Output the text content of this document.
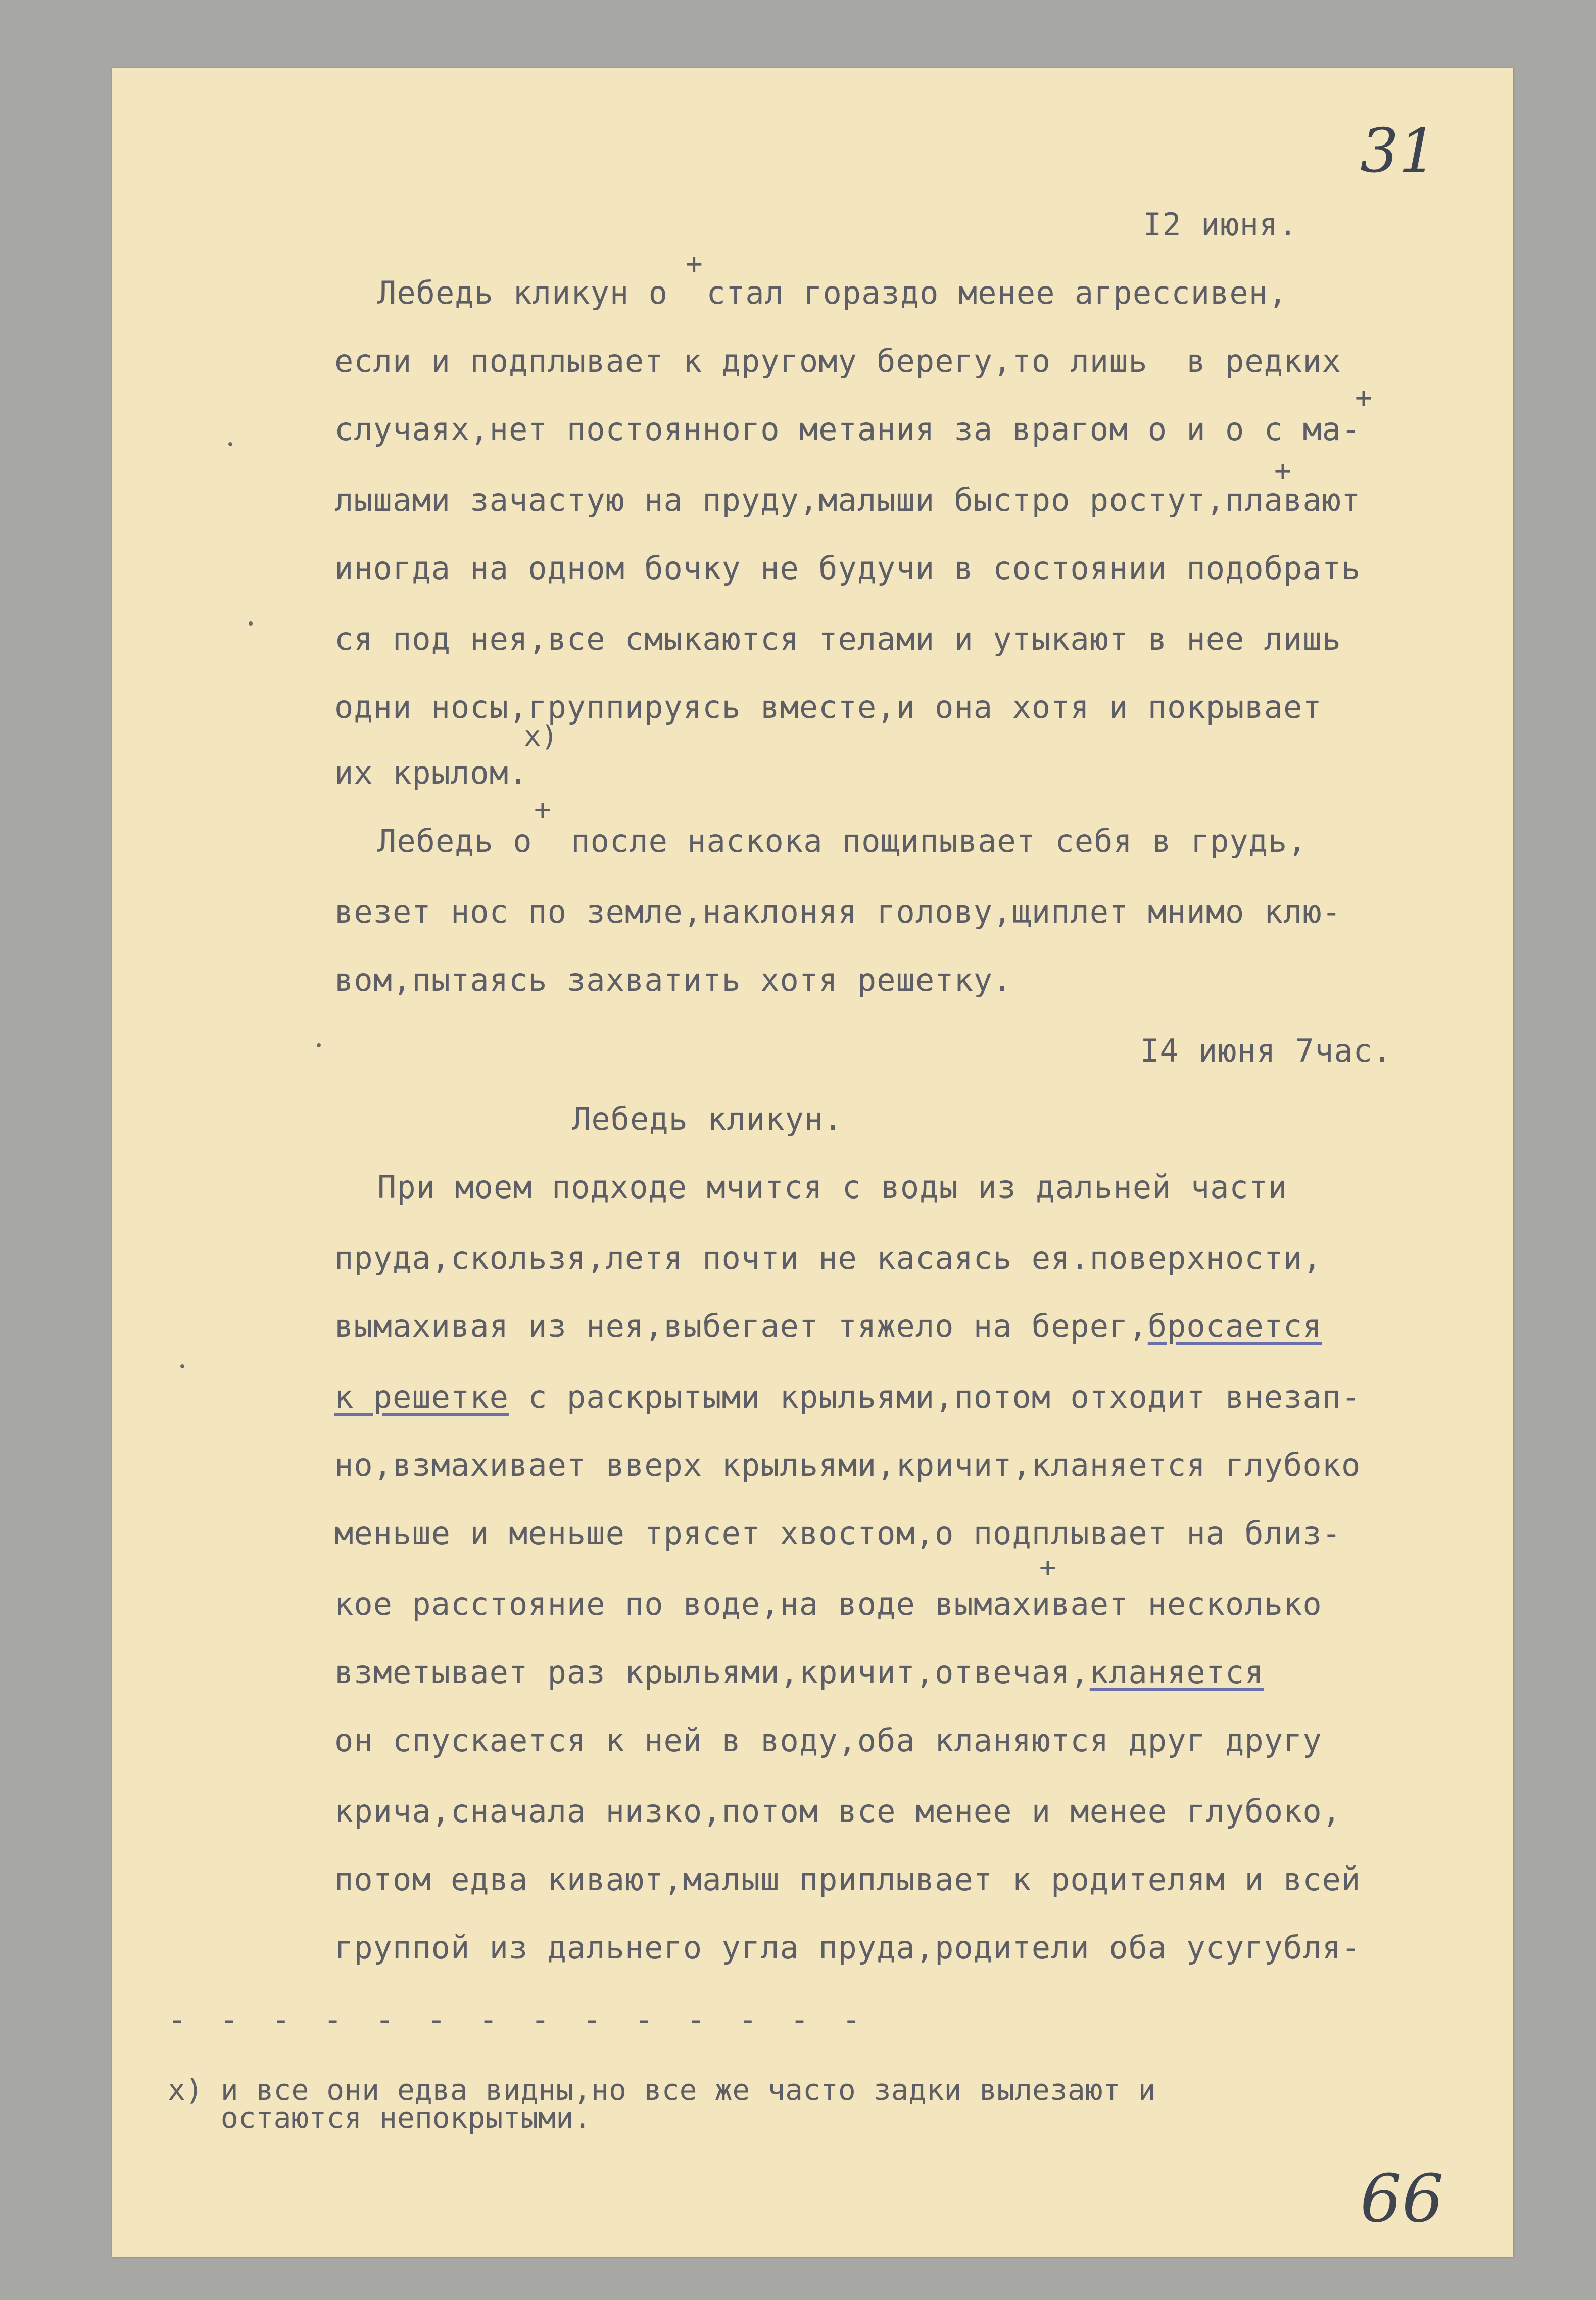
31
I2 июня.
+
Лебедь кликун о  стал гораздо менее агрессивен,
если и подплывает к другому берегу,то лишь  в редких
+
случаях,нет постоянного метания за врагом о и о с ма-
+
лышами зачастую на пруду,малыши быстро ростут,плавают
иногда на одном бочку не будучи в состоянии подобрать
ся под нея,все смыкаются телами и утыкают в нее лишь
одни носы,группируясь вместе,и она хотя и покрывает
х)
их крылом.
+
Лебедь о  после наскока пощипывает себя в грудь,
везет нос по земле,наклоняя голову,щиплет мнимо клю-
вом,пытаясь захватить хотя решетку.
I4 июня 7час.
Лебедь кликун.
При моем подходе мчится с воды из дальней части
пруда,скользя,летя почти не касаясь ея.поверхности,
вымахивая из нея,выбегает тяжело на берег,бросается
к решетке с раскрытыми крыльями,потом отходит внезап-
но,взмахивает вверх крыльями,кричит,кланяется глубоко
меньше и меньше трясет хвостом,о подплывает на близ-
+
кое расстояние по воде,на воде вымахивает несколько
взметывает раз крыльями,кричит,отвечая,кланяется
он спускается к ней в воду,оба кланяются друг другу
крича,сначала низко,потом все менее и менее глубоко,
потом едва кивают,малыш приплывает к родителям и всей
группой из дальнего угла пруда,родители оба усугубля-
- - - - - - - - - - - - - -
х) и все они едва видны,но все же часто задки вылезают и
остаются непокрытыми.
66
